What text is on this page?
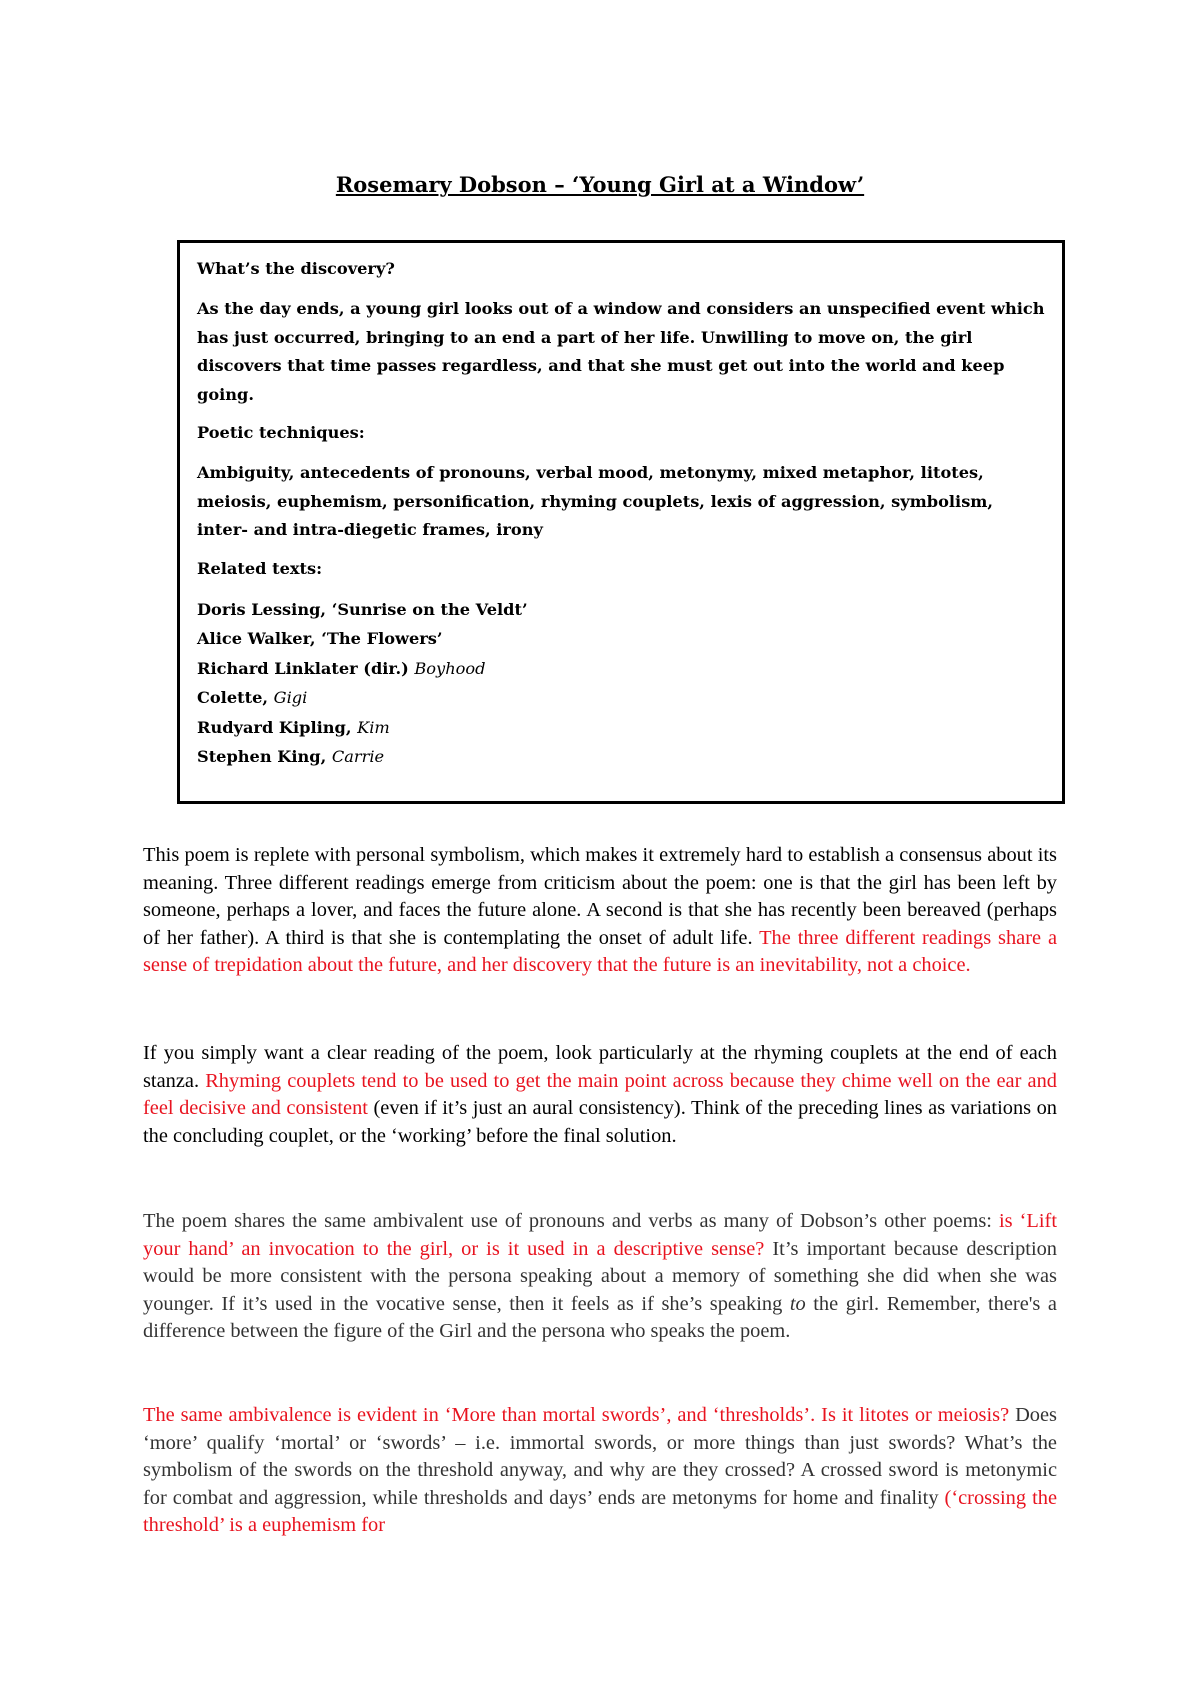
Rosemary Dobson – ‘Young Girl at a Window’

What’s the discovery?

As the day ends, a young girl looks out of a window and considers an unspecified event which has just occurred, bringing to an end a part of her life. Unwilling to move on, the girl discovers that time passes regardless, and that she must get out into the world and keep going.

Poetic techniques:

Ambiguity, antecedents of pronouns, verbal mood, metonymy, mixed metaphor, litotes, meiosis, euphemism, personification, rhyming couplets, lexis of aggression, symbolism, inter- and intra-diegetic frames, irony

Related texts:

Doris Lessing, ‘Sunrise on the Veldt’
Alice Walker, ‘The Flowers’
Richard Linklater (dir.) Boyhood
Colette, Gigi
Rudyard Kipling, Kim
Stephen King, Carrie

This poem is replete with personal symbolism, which makes it extremely hard to establish a consensus about its meaning. Three different readings emerge from criticism about the poem: one is that the girl has been left by someone, perhaps a lover, and faces the future alone. A second is that she has recently been bereaved (perhaps of her father). A third is that she is contemplating the onset of adult life. The three different readings share a sense of trepidation about the future, and her discovery that the future is an inevitability, not a choice.

If you simply want a clear reading of the poem, look particularly at the rhyming couplets at the end of each stanza. Rhyming couplets tend to be used to get the main point across because they chime well on the ear and feel decisive and consistent (even if it’s just an aural consistency). Think of the preceding lines as variations on the concluding couplet, or the ‘working’ before the final solution.

The poem shares the same ambivalent use of pronouns and verbs as many of Dobson’s other poems: is ‘Lift your hand’ an invocation to the girl, or is it used in a descriptive sense? It’s important because description would be more consistent with the persona speaking about a memory of something she did when she was younger. If it’s used in the vocative sense, then it feels as if she’s speaking to the girl. Remember, there's a difference between the figure of the Girl and the persona who speaks the poem.

The same ambivalence is evident in ‘More than mortal swords’, and ‘thresholds’. Is it litotes or meiosis? Does ‘more’ qualify ‘mortal’ or ‘swords’ – i.e. immortal swords, or more things than just swords? What’s the symbolism of the swords on the threshold anyway, and why are they crossed? A crossed sword is metonymic for combat and aggression, while thresholds and days’ ends are metonyms for home and finality (‘crossing the threshold’ is a euphemism for
